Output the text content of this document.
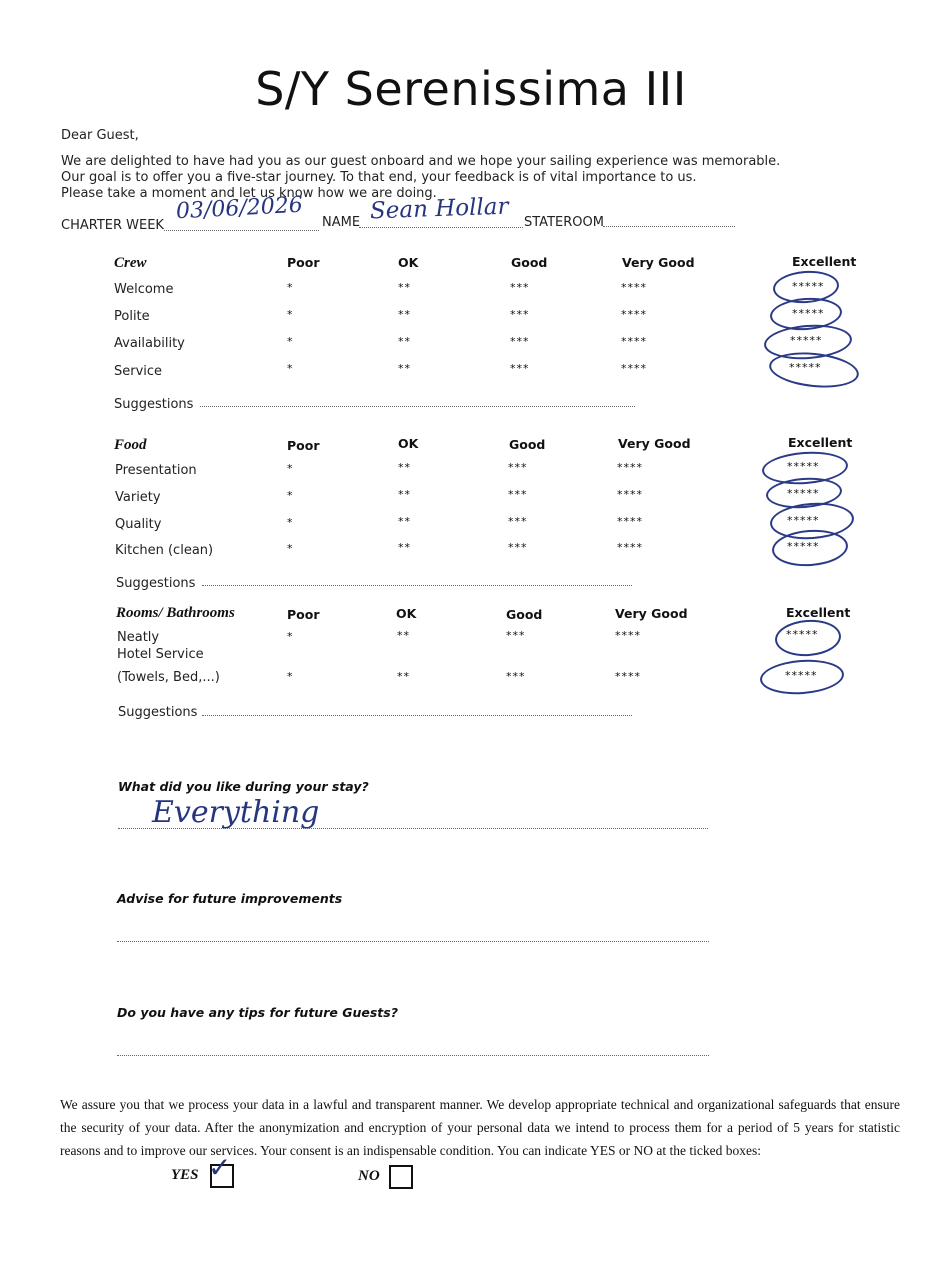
S/Y Serenissima III
Dear Guest,
We are delighted to have had you as our guest onboard and we hope your sailing experience was memorable.
Our goal is to offer you a five-star journey. To that end, your feedback is of vital importance to us.
Please take a moment and let us know how we are doing.
CHARTER WEEK
03/06/2026 NAME Sean Hollar STATEROOM
Crew	Poor	OK	Good	Very Good	Excellent
Welcome	*	**	***	****	*****
Polite	*	**	***	****	*****
Availability	*	**	***	****	*****
Service	*	**	***	****	*****
Suggestions
Food	Poor	OK	Good	Very Good	Excellent
Presentation	*	**	***	****	*****
Variety	*	**	***	****	*****
Quality	*	**	***	****	*****
Kitchen (clean)	*	**	***	****	*****
Suggestions
Rooms/ Bathrooms	Poor	OK	Good	Very Good	Excellent
Neatly	*	**	***	****	*****
Hotel Service
(Towels, Bed,...)	*	**	***	****	*****
Suggestions
What did you like during your stay?
Everything
Advise for future improvements
Do you have any tips for future Guests?
We assure you that we process your data in a lawful and transparent manner. We develop appropriate technical and organizational safeguards that ensure the security of your data. After the anonymization and encryption of your personal data we intend to process them for a period of 5 years for statistic reasons and to improve our services. Your consent is an indispensable condition. You can indicate YES or NO at the ticked boxes:
YES ✓	NO
